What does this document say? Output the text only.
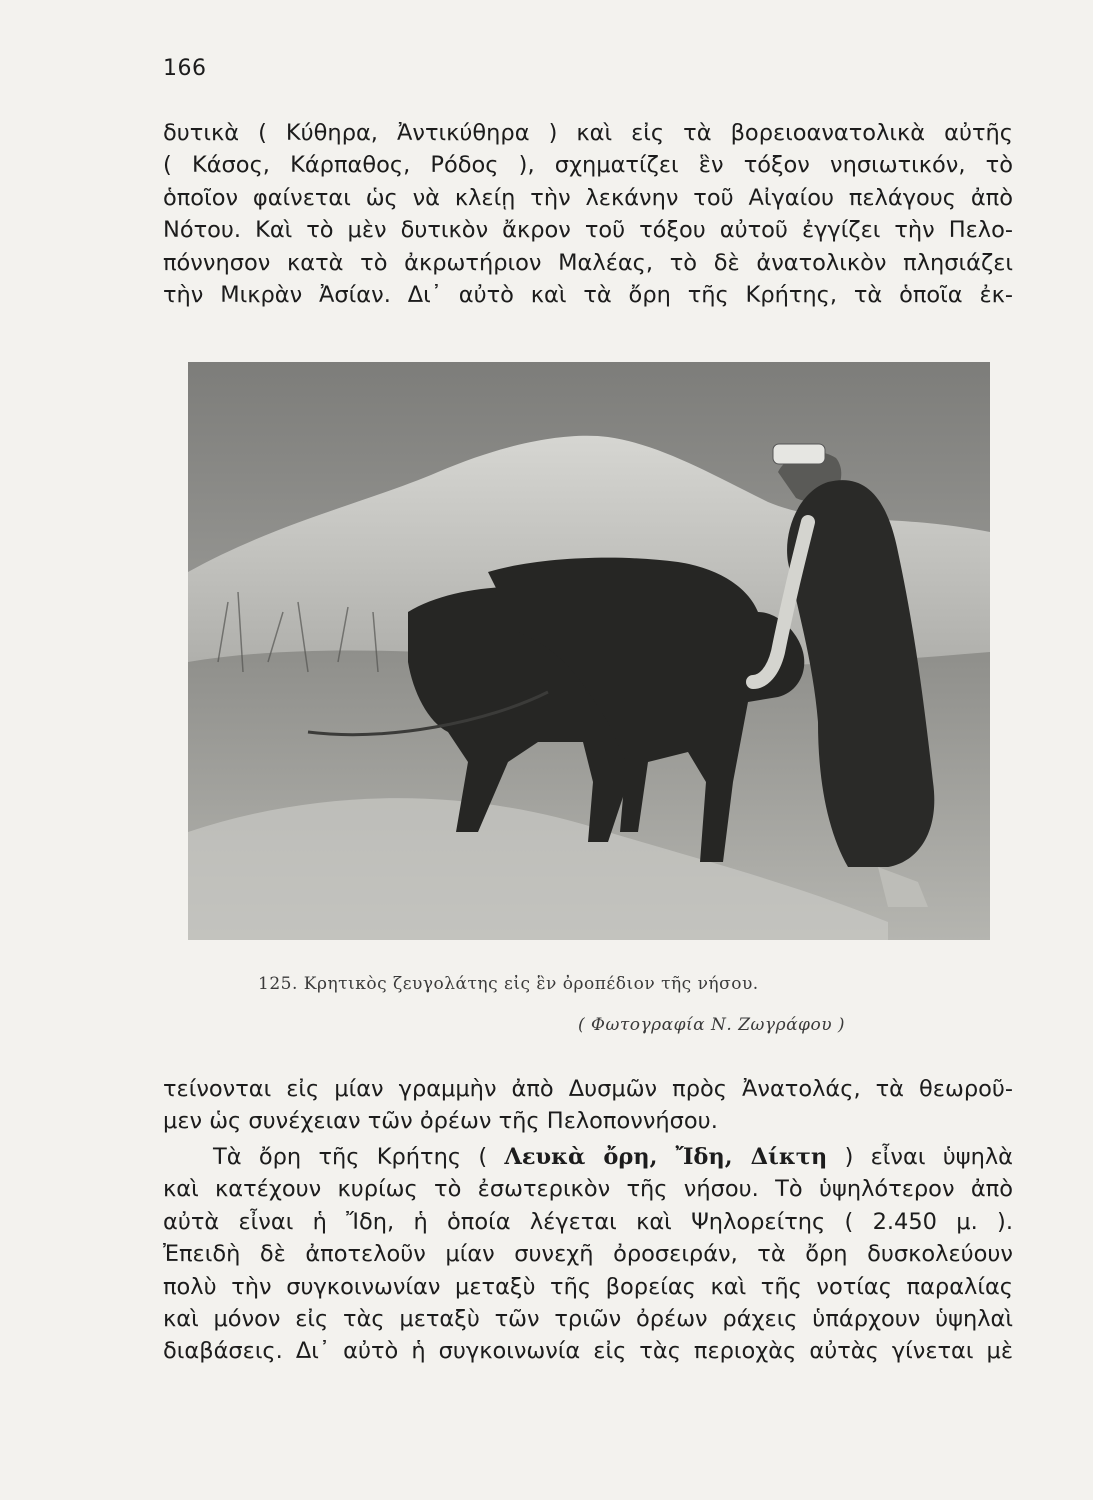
166
δυτικὰ ( Κύθηρα, Ἀντικύθηρα ) καὶ εἰς τὰ βορειοανατολικὰ αὐτῆς
( Κάσος, Κάρπαθος, Ρόδος ), σχηματίζει ἓν τόξον νησιωτικόν, τὸ
ὁποῖον φαίνεται ὡς νὰ κλείῃ τὴν λεκάνην τοῦ Αἰγαίου πελάγους ἀπὸ
Νότου. Καὶ τὸ μὲν δυτικὸν ἄκρον τοῦ τόξου αὐτοῦ ἐγγίζει τὴν Πελο-
πόννησον κατὰ τὸ ἀκρωτήριον Μαλέας, τὸ δὲ ἀνατολικὸν πλησιάζει
τὴν Μικρὰν Ἀσίαν. Δι᾽ αὐτὸ καὶ τὰ ὄρη τῆς Κρήτης, τὰ ὁποῖα ἐκ-
125. Κρητικὸς ζευγολάτης εἰς ἓν ὀροπέδιον τῆς νήσου.
( Φωτογραφία Ν. Ζωγράφου )
τείνονται εἰς μίαν γραμμὴν ἀπὸ Δυσμῶν πρὸς Ἀνατολάς, τὰ θεωροῦ-
μεν ὡς συνέχειαν τῶν ὀρέων τῆς Πελοποννήσου.
Τὰ ὄρη τῆς Κρήτης ( Λευκὰ ὄρη, Ἴδη, Δίκτη ) εἶναι ὑψηλὰ
καὶ κατέχουν κυρίως τὸ ἐσωτερικὸν τῆς νήσου. Τὸ ὑψηλότερον ἀπὸ
αὐτὰ εἶναι ἡ Ἴδη, ἡ ὁποία λέγεται καὶ Ψηλορείτης ( 2.450 μ. ).
Ἐπειδὴ δὲ ἀποτελοῦν μίαν συνεχῆ ὀροσειράν, τὰ ὄρη δυσκολεύουν
πολὺ τὴν συγκοινωνίαν μεταξὺ τῆς βορείας καὶ τῆς νοτίας παραλίας
καὶ μόνον εἰς τὰς μεταξὺ τῶν τριῶν ὀρέων ράχεις ὑπάρχουν ὑψηλαὶ
διαβάσεις. Δι᾽ αὐτὸ ἡ συγκοινωνία εἰς τὰς περιοχὰς αὐτὰς γίνεται μὲ
